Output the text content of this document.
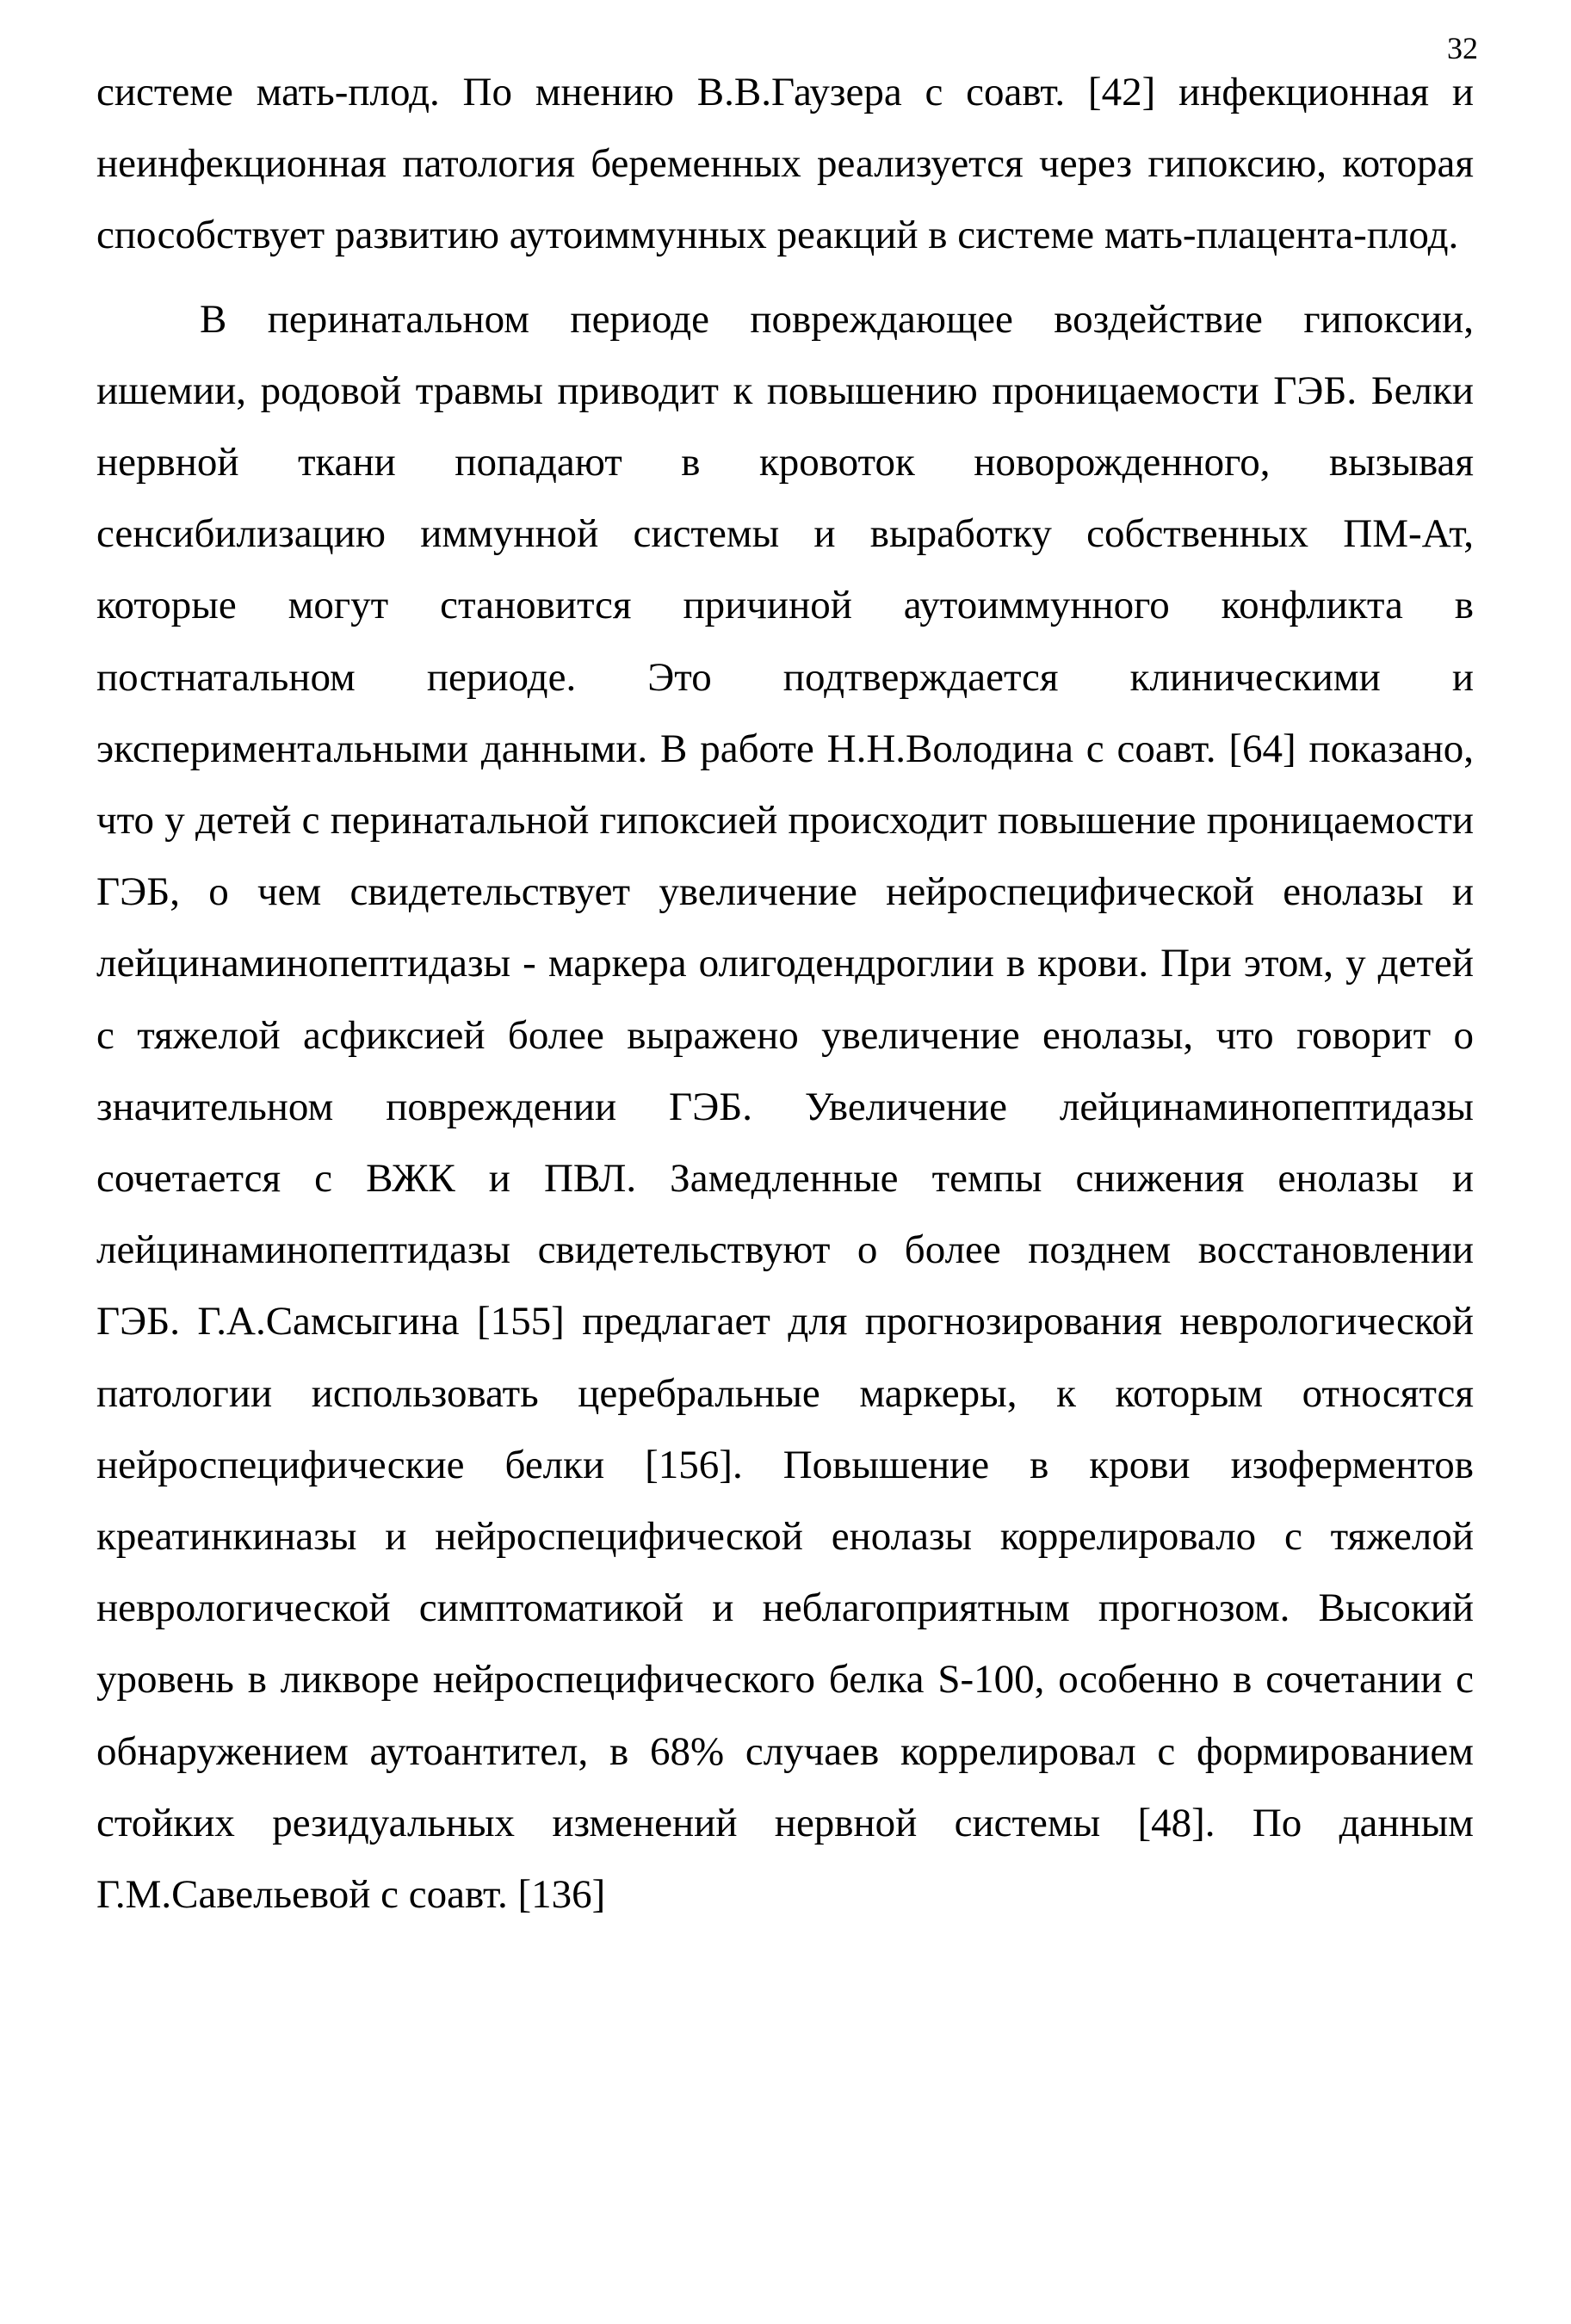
32

системе мать-плод. По мнению В.В.Гаузера с соавт. [42] инфекционная и неинфекционная патология беременных реализуется через гипоксию, которая способствует развитию аутоиммунных реакций в системе мать-плацента-плод.

В перинатальном периоде повреждающее воздействие гипоксии, ишемии, родовой травмы приводит к повышению проницаемости ГЭБ. Белки нервной ткани попадают в кровоток новорожденного, вызывая сенсибилизацию иммунной системы и выработку собственных ПМ-Ат, которые могут становится причиной аутоиммунного конфликта в постнатальном периоде. Это подтверждается клиническими и экспериментальными данными. В работе Н.Н.Володина с соавт. [64] показано, что у детей с перинатальной гипоксией происходит повышение проницаемости ГЭБ, о чем свидетельствует увеличение нейроспецифической енолазы и лейцинаминопептидазы - маркера олигодендроглии в крови. При этом, у детей с тяжелой асфиксией более выражено увеличение енолазы, что говорит о значительном повреждении ГЭБ. Увеличение лейцинаминопептидазы сочетается с ВЖК и ПВЛ. Замедленные темпы снижения енолазы и лейцинаминопептидазы свидетельствуют о более позднем восстановлении ГЭБ. Г.А.Самсыгина [155] предлагает для прогнозирования неврологической патологии использовать церебральные маркеры, к которым относятся нейроспецифические белки [156]. Повышение в крови изоферментов креатинкиназы и нейроспецифической енолазы коррелировало с тяжелой неврологической симптоматикой и неблагоприятным прогнозом. Высокий уровень в ликворе нейроспецифического белка S-100, особенно в сочетании с обнаружением аутоантител, в 68% случаев коррелировал с формированием стойких резидуальных изменений нервной системы [48]. По данным Г.М.Савельевой с соавт. [136]
